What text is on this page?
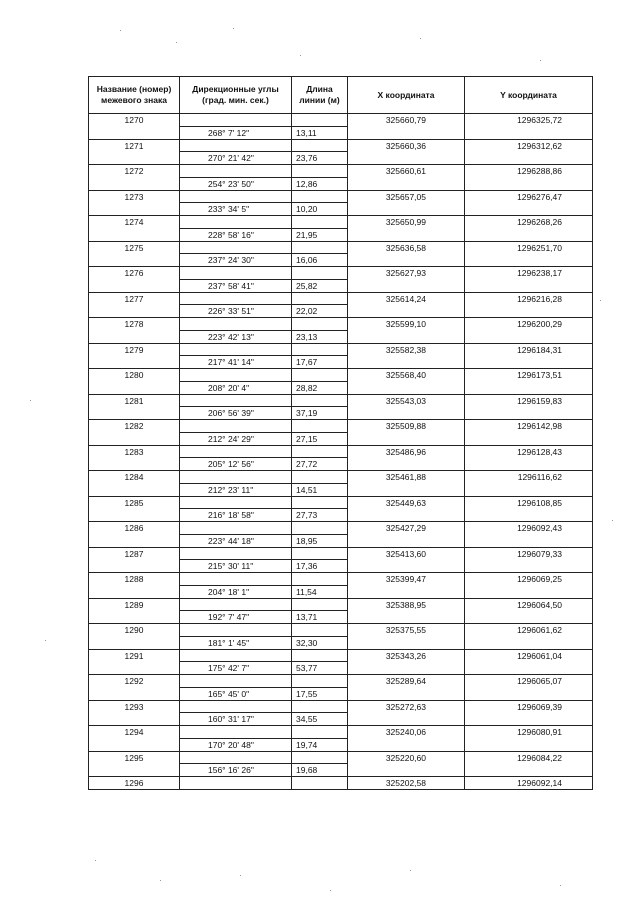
Название (номер) межевого знака	Дирекционные углы (град. мин. сек.)	Длина линии (м)	X координата	Y координата
1270			325660,79	1296325,72
	268° 7' 12"	13,11		
1271			325660,36	1296312,62
	270° 21' 42"	23,76		
1272			325660,61	1296288,86
	254° 23' 50"	12,86		
1273			325657,05	1296276,47
	233° 34' 5"	10,20		
1274			325650,99	1296268,26
	228° 58' 16"	21,95		
1275			325636,58	1296251,70
	237° 24' 30"	16,06		
1276			325627,93	1296238,17
	237° 58' 41"	25,82		
1277			325614,24	1296216,28
	226° 33' 51"	22,02		
1278			325599,10	1296200,29
	223° 42' 13"	23,13		
1279			325582,38	1296184,31
	217° 41' 14"	17,67		
1280			325568,40	1296173,51
	208° 20' 4"	28,82		
1281			325543,03	1296159,83
	206° 56' 39"	37,19		
1282			325509,88	1296142,98
	212° 24' 29"	27,15		
1283			325486,96	1296128,43
	205° 12' 56"	27,72		
1284			325461,88	1296116,62
	212° 23' 11"	14,51		
1285			325449,63	1296108,85
	216° 18' 58"	27,73		
1286			325427,29	1296092,43
	223° 44' 18"	18,95		
1287			325413,60	1296079,33
	215° 30' 11"	17,36		
1288			325399,47	1296069,25
	204° 18' 1"	11,54		
1289			325388,95	1296064,50
	192° 7' 47"	13,71		
1290			325375,55	1296061,62
	181° 1' 45"	32,30		
1291			325343,26	1296061,04
	175° 42' 7"	53,77		
1292			325289,64	1296065,07
	165° 45' 0"	17,55		
1293			325272,63	1296069,39
	160° 31' 17"	34,55		
1294			325240,06	1296080,91
	170° 20' 48"	19,74		
1295			325220,60	1296084,22
	156° 16' 26"	19,68		
1296			325202,58	1296092,14
